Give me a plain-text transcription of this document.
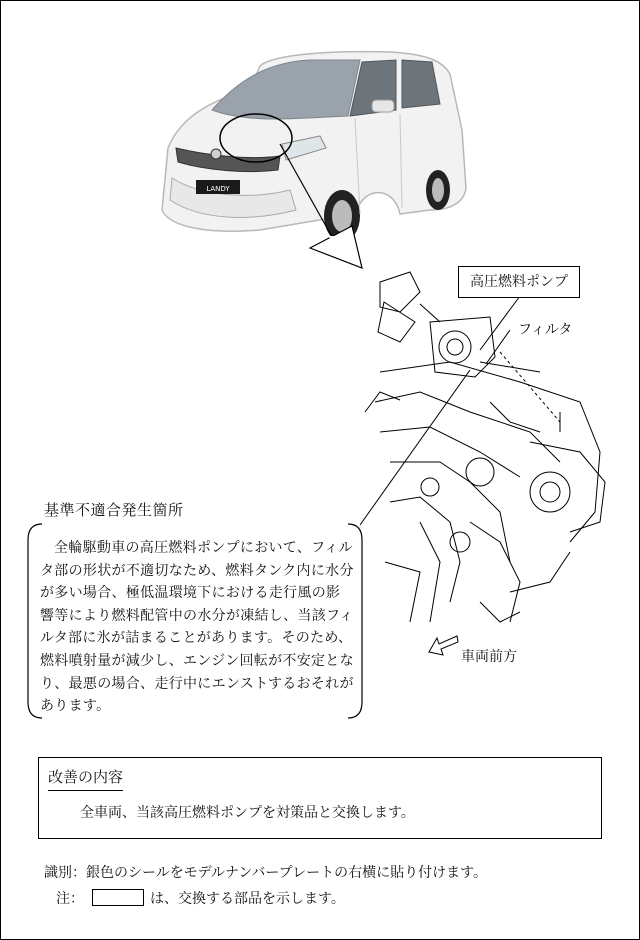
LANDY
高圧燃料ポンプ
フィルタ
車両前方
基準不適合発生箇所
全輪駆動車の高圧燃料ポンプにおいて、フィルタ部の形状が不適切なため、燃料タンク内に水分が多い場合、極低温環境下における走行風の影響等により燃料配管中の水分が凍結し、当該フィルタ部に氷が詰まることがあります。そのため、燃料噴射量が減少し、エンジン回転が不安定となり、最悪の場合、走行中にエンストするおそれがあります。
改善の内容
全車両、当該高圧燃料ポンプを対策品と交換します。
識別：銀色のシールをモデルナンバープレートの右横に貼り付けます。
注：	は、交換する部品を示します。
